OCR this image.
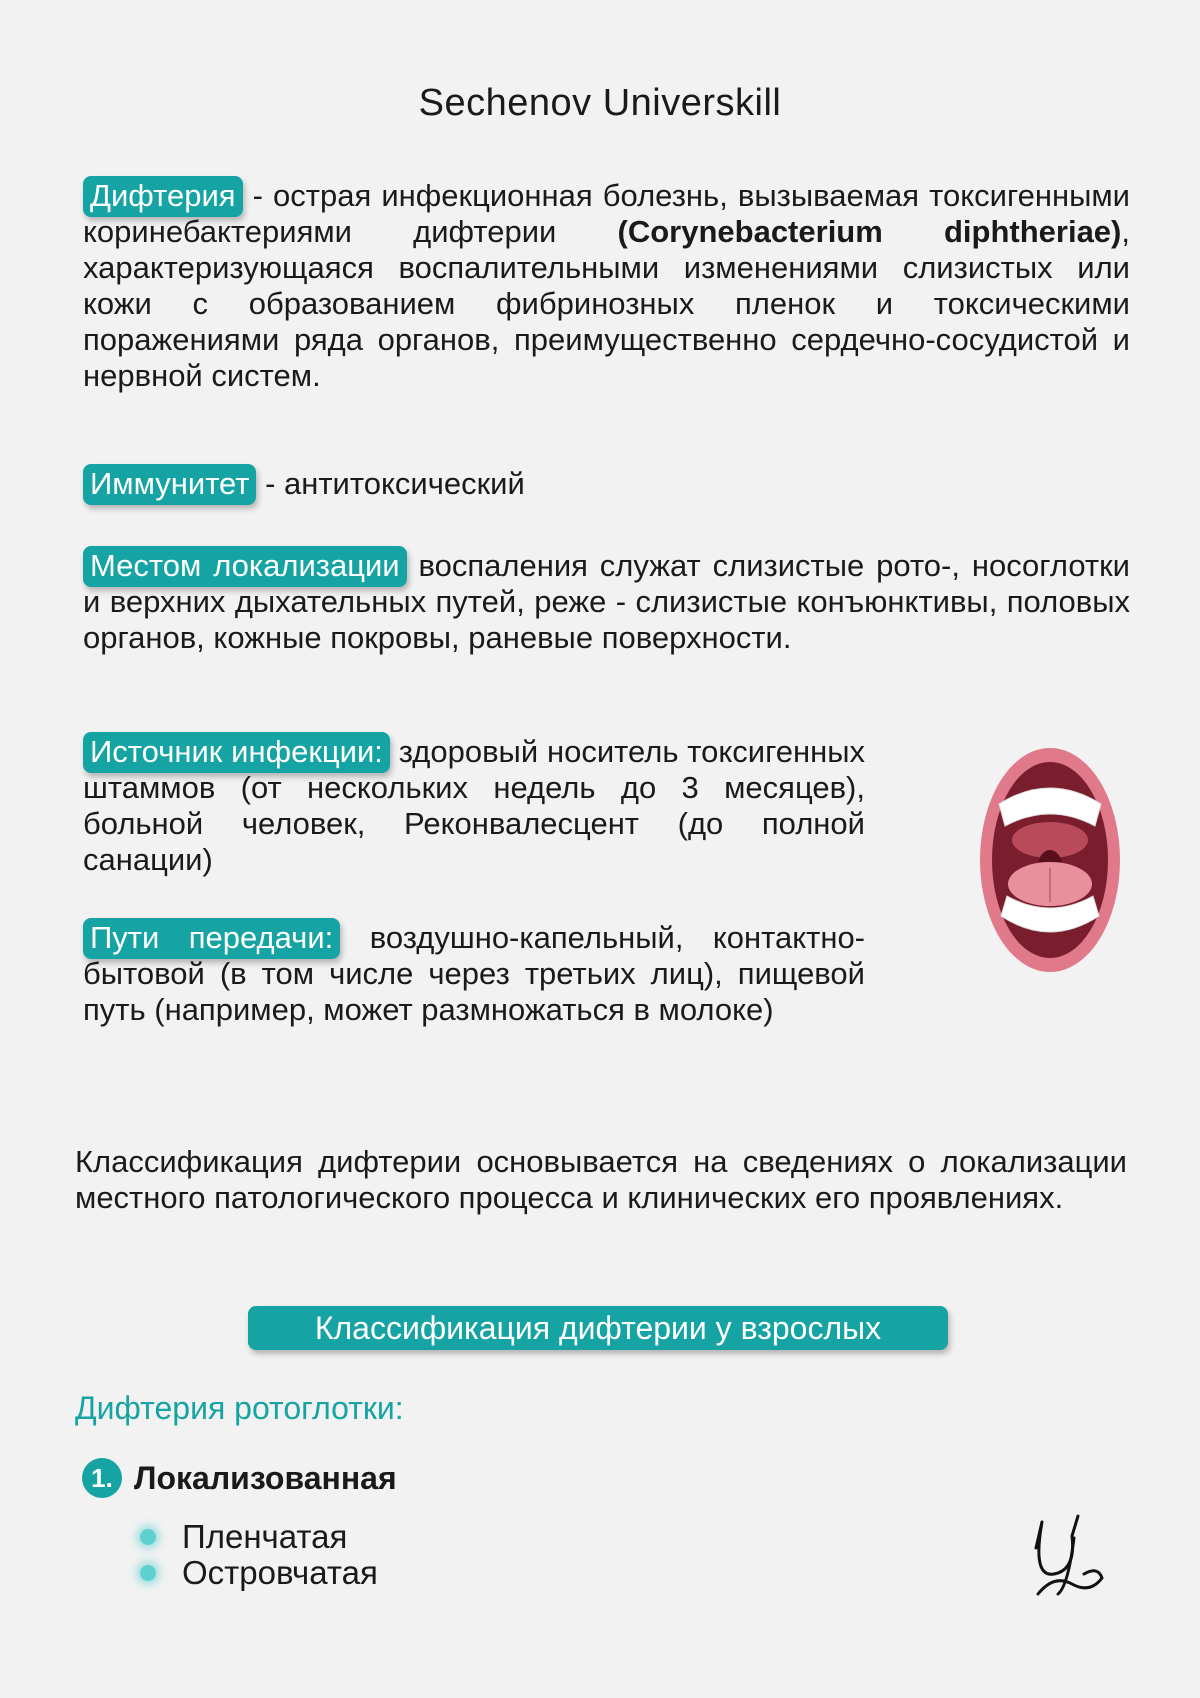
Sechenov Universkill

Дифтерия - острая инфекционная болезнь, вызываемая токсигенными коринебактериями дифтерии (Corynebacterium diphtheriae), характеризующаяся воспалительными изменениями слизистых или кожи с образованием фибринозных пленок и токсическими поражениями ряда органов, преимущественно сердечно-сосудистой и нервной систем.

Иммунитет - антитоксический

Местом локализации воспаления служат слизистые рото-, носоглотки и верхних дыхательных путей, реже - слизистые конъюнктивы, половых органов, кожные покровы, раневые поверхности.

Источник инфекции: здоровый носитель токсигенных штаммов (от нескольких недель до 3 месяцев), больной человек, Реконвалесцент (до полной санации)

Пути передачи: воздушно-капельный, контактно-бытовой (в том числе через третьих лиц), пищевой путь (например, может размножаться в молоке)

Классификация дифтерии основывается на сведениях о локализации местного патологического процесса и клинических его проявлениях.

Классификация дифтерии у взрослых
Дифтерия ротоглотки:
1. Локализованная
Пленчатая
Островчатая
